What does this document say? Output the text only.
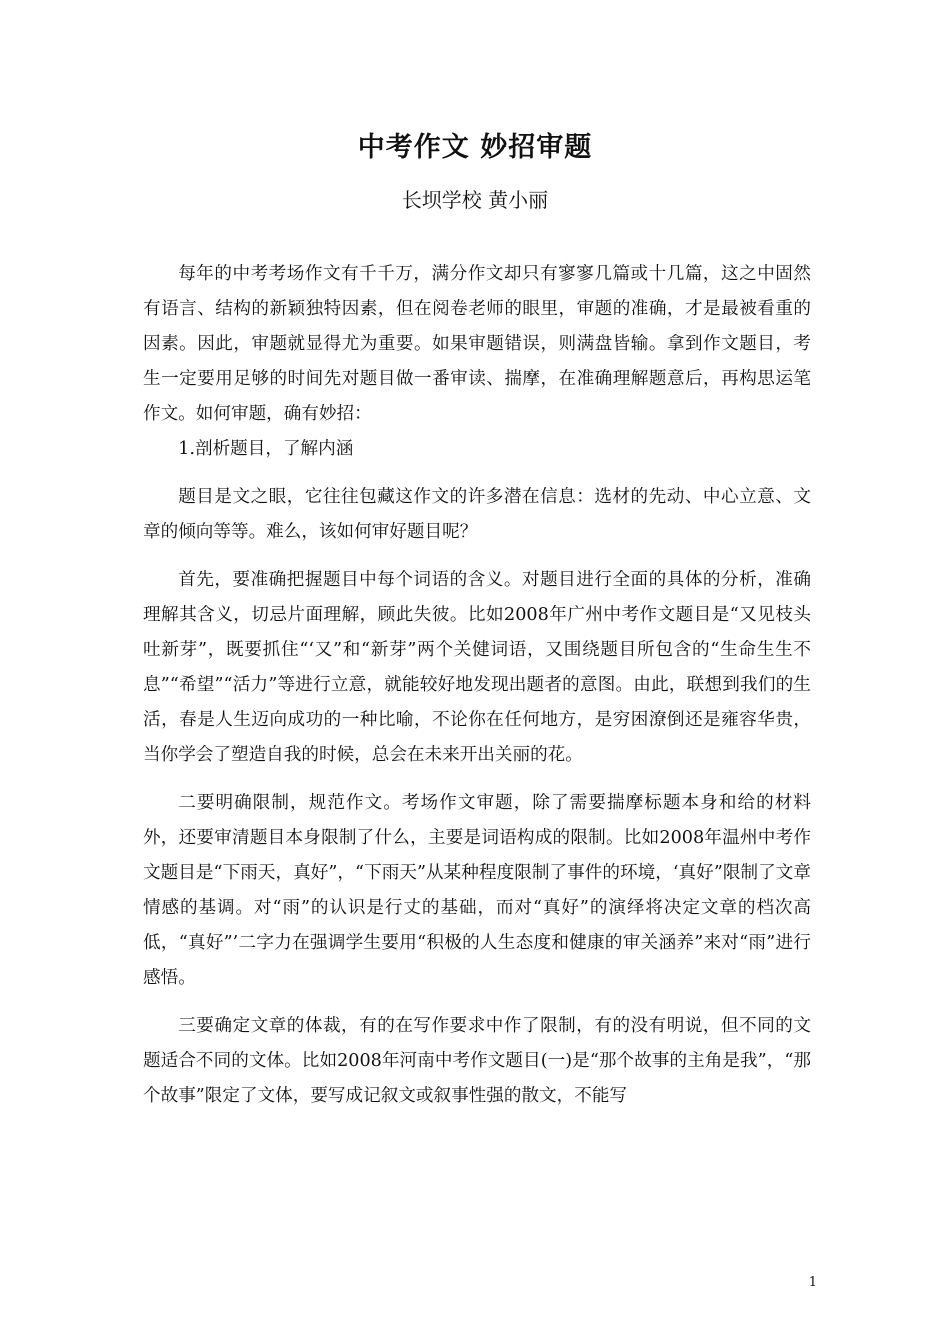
中考作文 妙招审题
长坝学校 黄小丽

每年的中考考场作文有千千万，满分作文却只有寥寥几篇或十几篇，这之中固然有语言、结构的新颖独特因素，但在阅卷老师的眼里，审题的准确，才是最被看重的因素。因此，审题就显得尤为重要。如果审题错误，则满盘皆输。拿到作文题目，考生一定要用足够的时间先对题目做一番审读、揣摩，在准确理解题意后，再构思运笔作文。如何审题，确有妙招：

1.剖析题目，了解内涵

题目是文之眼，它往往包藏这作文的许多潜在信息：选材的先动、中心立意、文章的倾向等等。难么，该如何审好题目呢？

首先，要准确把握题目中每个词语的含义。对题目进行全面的具体的分析，准确理解其含义，切忌片面理解，顾此失彼。比如2008年广州中考作文题目是“又见枝头吐新芽”，既要抓住“‘又”和“新芽”两个关健词语，又围绕题目所包含的“生命生生不息”“希望”“活力”等进行立意，就能较好地发现出题者的意图。由此，联想到我们的生活，春是人生迈向成功的一种比喻，不论你在任何地方，是穷困潦倒还是雍容华贵，当你学会了塑造自我的时候，总会在未来开出关丽的花。

二要明确限制，规范作文。考场作文审题，除了需要揣摩标题本身和给的材料外，还要审清题目本身限制了什么，主要是词语构成的限制。比如2008年温州中考作文题目是“下雨天，真好”，“下雨天”从某种程度限制了事件的环境，‘真好”限制了文章情感的基调。对“雨”的认识是行丈的基础，而对“真好”的演绎将决定文章的档次高低，“真好”’二字力在强调学生要用“积极的人生态度和健康的审关涵养”来对“雨”进行感悟。

三要确定文章的体裁，有的在写作要求中作了限制，有的没有明说，但不同的文题适合不同的文体。比如2008年河南中考作文题目(一)是“那个故事的主角是我”，“那个故事”限定了文体，要写成记叙文或叙事性强的散文，不能写

1
